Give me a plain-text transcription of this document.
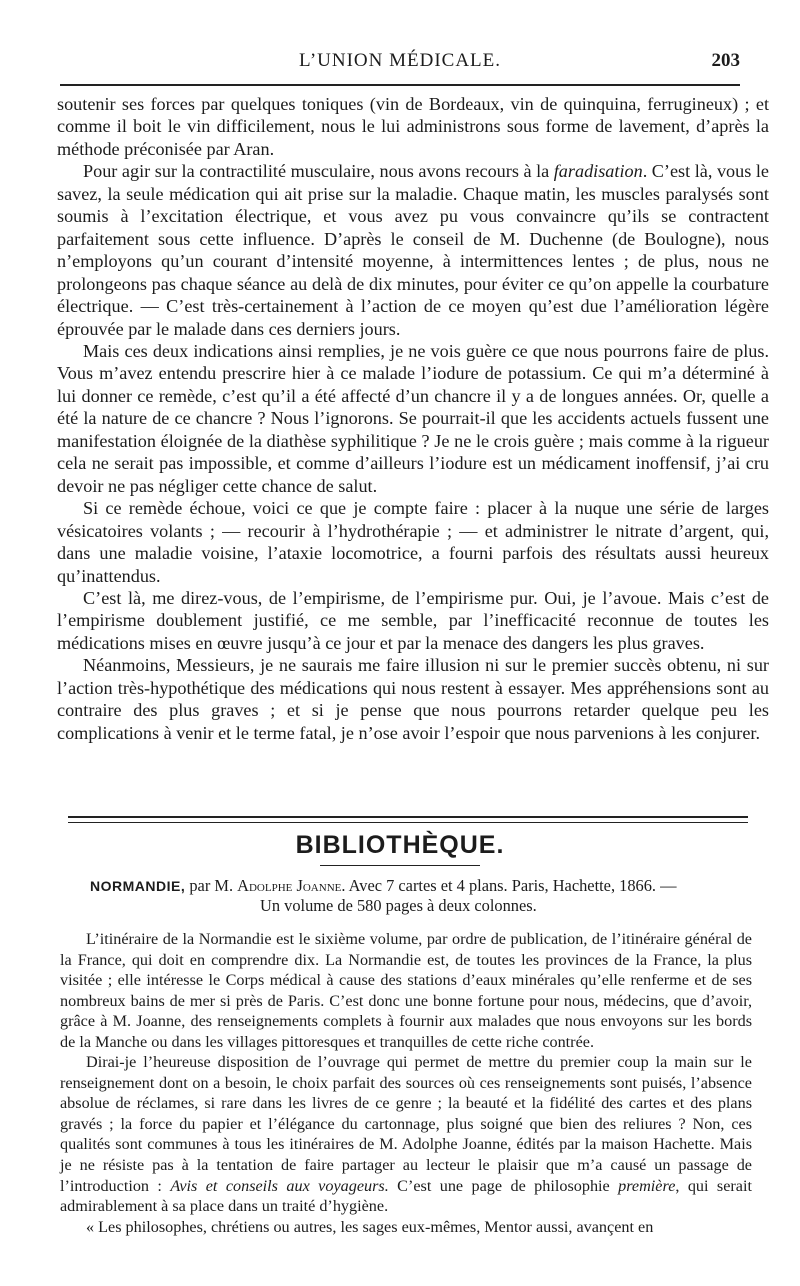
L’UNION MÉDICALE.	203

soutenir ses forces par quelques toniques (vin de Bordeaux, vin de quinquina, ferrugineux) ; et comme il boit le vin difficilement, nous le lui administrons sous forme de lavement, d’après la méthode préconisée par Aran.

Pour agir sur la contractilité musculaire, nous avons recours à la faradisation. C’est là, vous le savez, la seule médication qui ait prise sur la maladie. Chaque matin, les muscles paralysés sont soumis à l’excitation électrique, et vous avez pu vous convaincre qu’ils se contractent parfaitement sous cette influence. D’après le conseil de M. Duchenne (de Boulogne), nous n’employons qu’un courant d’intensité moyenne, à intermittences lentes ; de plus, nous ne prolongeons pas chaque séance au delà de dix minutes, pour éviter ce qu’on appelle la courbature électrique. — C’est très-certainement à l’action de ce moyen qu’est due l’amélioration légère éprouvée par le malade dans ces derniers jours.

Mais ces deux indications ainsi remplies, je ne vois guère ce que nous pourrons faire de plus. Vous m’avez entendu prescrire hier à ce malade l’iodure de potassium. Ce qui m’a déterminé à lui donner ce remède, c’est qu’il a été affecté d’un chancre il y a de longues années. Or, quelle a été la nature de ce chancre ? Nous l’ignorons. Se pourrait-il que les accidents actuels fussent une manifestation éloignée de la diathèse syphilitique ? Je ne le crois guère ; mais comme à la rigueur cela ne serait pas impossible, et comme d’ailleurs l’iodure est un médicament inoffensif, j’ai cru devoir ne pas négliger cette chance de salut.

Si ce remède échoue, voici ce que je compte faire : placer à la nuque une série de larges vésicatoires volants ; — recourir à l’hydrothérapie ; — et administrer le nitrate d’argent, qui, dans une maladie voisine, l’ataxie locomotrice, a fourni parfois des résultats aussi heureux qu’inattendus.

C’est là, me direz-vous, de l’empirisme, de l’empirisme pur. Oui, je l’avoue. Mais c’est de l’empirisme doublement justifié, ce me semble, par l’inefficacité reconnue de toutes les médications mises en œuvre jusqu’à ce jour et par la menace des dangers les plus graves.

Néanmoins, Messieurs, je ne saurais me faire illusion ni sur le premier succès obtenu, ni sur l’action très-hypothétique des médications qui nous restent à essayer. Mes appréhensions sont au contraire des plus graves ; et si je pense que nous pourrons retarder quelque peu les complications à venir et le terme fatal, je n’ose avoir l’espoir que nous parvenions à les conjurer.

BIBLIOTHÈQUE.
NORMANDIE, par M. Adolphe Joanne. Avec 7 cartes et 4 plans. Paris, Hachette, 1866. —
Un volume de 580 pages à deux colonnes.

L’itinéraire de la Normandie est le sixième volume, par ordre de publication, de l’itinéraire général de la France, qui doit en comprendre dix. La Normandie est, de toutes les provinces de la France, la plus visitée ; elle intéresse le Corps médical à cause des stations d’eaux minérales qu’elle renferme et de ses nombreux bains de mer si près de Paris. C’est donc une bonne fortune pour nous, médecins, que d’avoir, grâce à M. Joanne, des renseignements complets à fournir aux malades que nous envoyons sur les bords de la Manche ou dans les villages pittoresques et tranquilles de cette riche contrée.

Dirai-je l’heureuse disposition de l’ouvrage qui permet de mettre du premier coup la main sur le renseignement dont on a besoin, le choix parfait des sources où ces renseignements sont puisés, l’absence absolue de réclames, si rare dans les livres de ce genre ; la beauté et la fidélité des cartes et des plans gravés ; la force du papier et l’élégance du cartonnage, plus soigné que bien des reliures ? Non, ces qualités sont communes à tous les itinéraires de M. Adolphe Joanne, édités par la maison Hachette. Mais je ne résiste pas à la tentation de faire partager au lecteur le plaisir que m’a causé un passage de l’introduction : Avis et conseils aux voyageurs. C’est une page de philosophie première, qui serait admirablement à sa place dans un traité d’hygiène.

« Les philosophes, chrétiens ou autres, les sages eux-mêmes, Mentor aussi, avançent en
